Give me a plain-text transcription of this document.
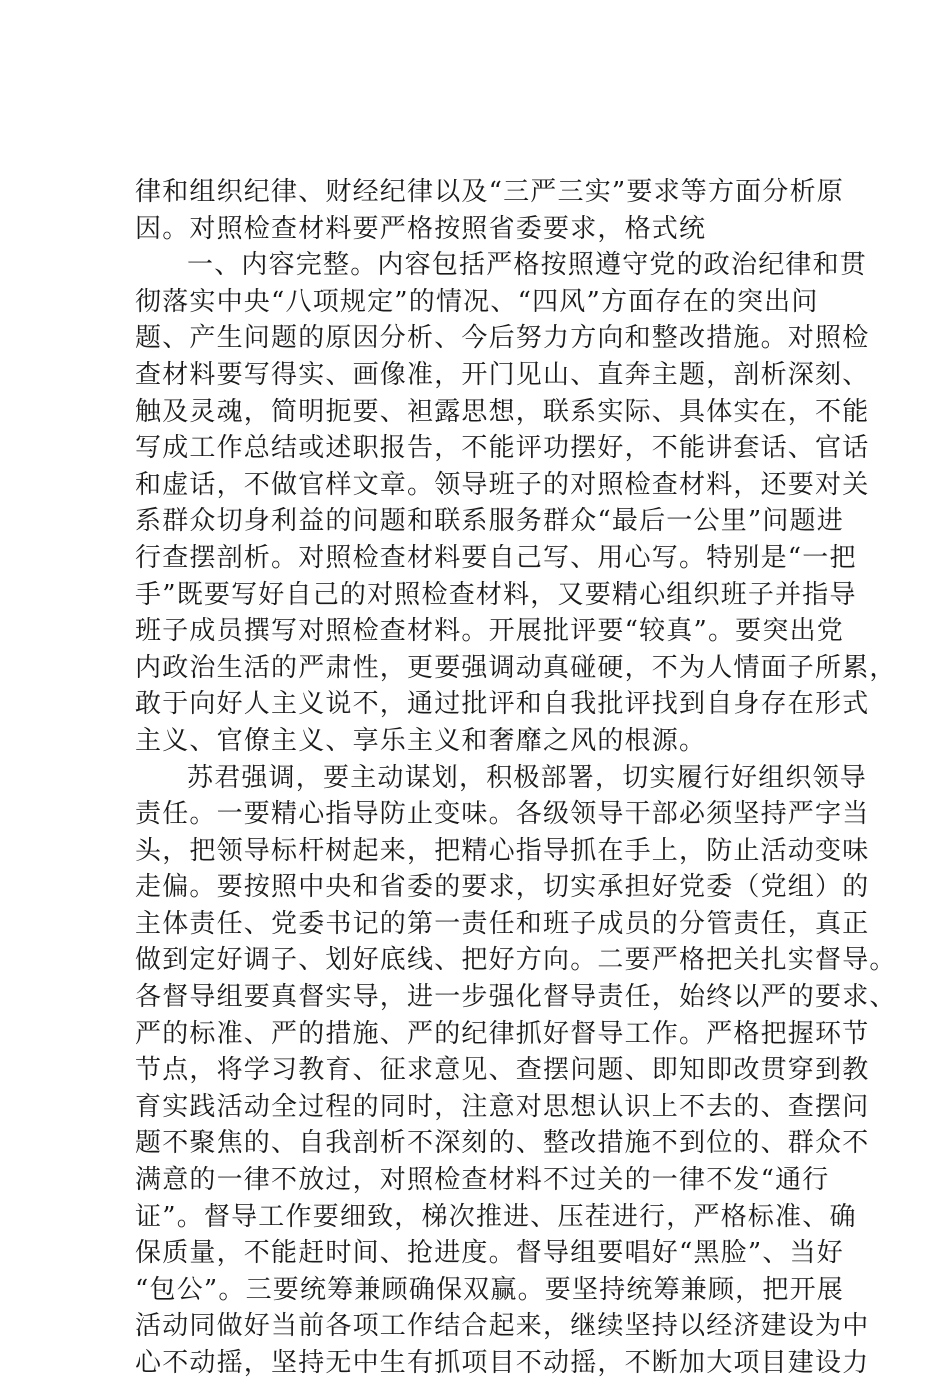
律和组织纪律、财经纪律以及“三严三实”要求等方面分析原
因。对照检查材料要严格按照省委要求，格式统
一、内容完整。内容包括严格按照遵守党的政治纪律和贯
彻落实中央“八项规定”的情况、“四风”方面存在的突出问
题、产生问题的原因分析、今后努力方向和整改措施。对照检
查材料要写得实、画像准，开门见山、直奔主题，剖析深刻、
触及灵魂，简明扼要、袒露思想，联系实际、具体实在，不能
写成工作总结或述职报告，不能评功摆好，不能讲套话、官话
和虚话，不做官样文章。领导班子的对照检查材料，还要对关
系群众切身利益的问题和联系服务群众“最后一公里”问题进
行查摆剖析。对照检查材料要自己写、用心写。特别是“一把
手”既要写好自己的对照检查材料，又要精心组织班子并指导
班子成员撰写对照检查材料。开展批评要“较真”。要突出党
内政治生活的严肃性，更要强调动真碰硬，不为人情面子所累，
敢于向好人主义说不，通过批评和自我批评找到自身存在形式
主义、官僚主义、享乐主义和奢靡之风的根源。
苏君强调，要主动谋划，积极部署，切实履行好组织领导
责任。一要精心指导防止变味。各级领导干部必须坚持严字当
头，把领导标杆树起来，把精心指导抓在手上，防止活动变味
走偏。要按照中央和省委的要求，切实承担好党委（党组）的
主体责任、党委书记的第一责任和班子成员的分管责任，真正
做到定好调子、划好底线、把好方向。二要严格把关扎实督导。
各督导组要真督实导，进一步强化督导责任，始终以严的要求、
严的标准、严的措施、严的纪律抓好督导工作。严格把握环节
节点，将学习教育、征求意见、查摆问题、即知即改贯穿到教
育实践活动全过程的同时，注意对思想认识上不去的、查摆问
题不聚焦的、自我剖析不深刻的、整改措施不到位的、群众不
满意的一律不放过，对照检查材料不过关的一律不发“通行
证”。督导工作要细致，梯次推进、压茬进行，严格标准、确
保质量，不能赶时间、抢进度。督导组要唱好“黑脸”、当好
“包公”。三要统筹兼顾确保双赢。要坚持统筹兼顾，把开展
活动同做好当前各项工作结合起来，继续坚持以经济建设为中
心不动摇，坚持无中生有抓项目不动摇，不断加大项目建设力
